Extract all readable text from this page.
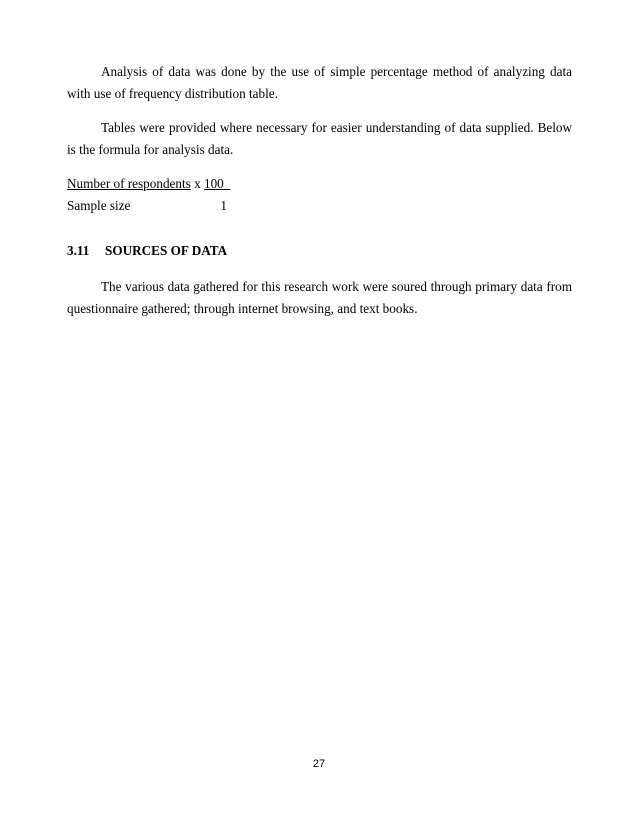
Analysis of data was done by the use of simple percentage method of analyzing data with use of frequency distribution table.

Tables were provided where necessary for easier understanding of data supplied. Below is the formula for analysis data.

Number of respondents x 100

Sample size	1

3.11 SOURCES OF DATA

The various data gathered for this research work were soured through primary data from questionnaire gathered; through internet browsing, and text books.

27
